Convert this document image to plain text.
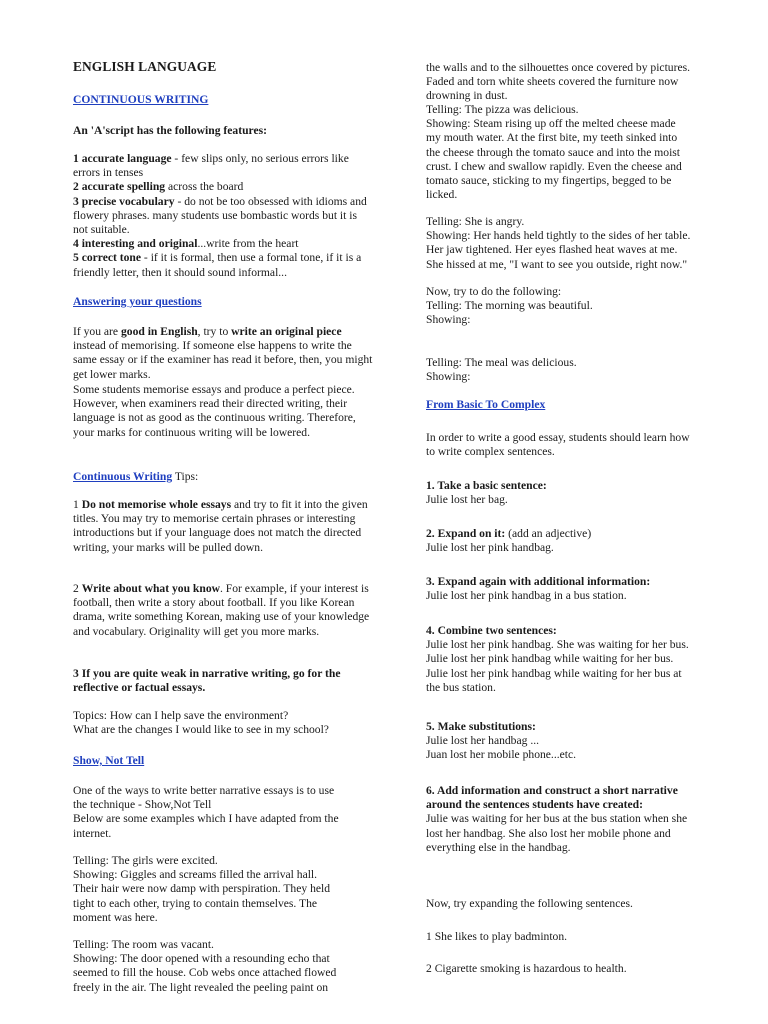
ENGLISH LANGUAGE
CONTINUOUS WRITING
An 'A'script has the following features:
1 accurate language - few slips only, no serious errors like errors in tenses
2 accurate spelling across the board
3 precise vocabulary - do not be too obsessed with idioms and flowery phrases. many students use bombastic words but it is not suitable.
4 interesting and original...write from the heart
5 correct tone - if it is formal, then use a formal tone, if it is a friendly letter, then it should sound informal...
Answering your questions
If you are good in English, try to write an original piece instead of memorising. If someone else happens to write the same essay or if the examiner has read it before, then, you might get lower marks.
Some students memorise essays and produce a perfect piece. However, when examiners read their directed writing, their language is not as good as the continuous writing. Therefore, your marks for continuous writing will be lowered.
Continuous Writing Tips:
1 Do not memorise whole essays and try to fit it into the given titles. You may try to memorise certain phrases or interesting introductions but if your language does not match the directed writing, your marks will be pulled down.
2 Write about what you know. For example, if your interest is football, then write a story about football. If you like Korean drama, write something Korean, making use of your knowledge and vocabulary. Originality will get you more marks.
3 If you are quite weak in narrative writing, go for the reflective or factual essays.
Topics: How can I help save the environment?
What are the changes I would like to see in my school?
Show, Not Tell
One of the ways to write better narrative essays is to use
the technique - Show,Not Tell
Below are some examples which I have adapted from the
internet.
Telling: The girls were excited.
Showing: Giggles and screams filled the arrival hall.
Their hair were now damp with perspiration. They held
tight to each other, trying to contain themselves. The
moment was here.
Telling: The room was vacant.
Showing: The door opened with a resounding echo that
seemed to fill the house. Cob webs once attached flowed
freely in the air. The light revealed the peeling paint on
the walls and to the silhouettes once covered by pictures.
Faded and torn white sheets covered the furniture now
drowning in dust.
Telling: The pizza was delicious.
Showing: Steam rising up off the melted cheese made
my mouth water. At the first bite, my teeth sinked into
the cheese through the tomato sauce and into the moist
crust. I chew and swallow rapidly. Even the cheese and
tomato sauce, sticking to my fingertips, begged to be
licked.
Telling: She is angry.
Showing: Her hands held tightly to the sides of her table.
Her jaw tightened. Her eyes flashed heat waves at me.
She hissed at me, "I want to see you outside, right now."
Now, try to do the following:
Telling: The morning was beautiful.
Showing:
Telling: The meal was delicious.
Showing:
From Basic To Complex
In order to write a good essay, students should learn how
to write complex sentences.
1. Take a basic sentence:
Julie lost her bag.
2. Expand on it: (add an adjective)
Julie lost her pink handbag.
3. Expand again with additional information:
Julie lost her pink handbag in a bus station.
4. Combine two sentences:
Julie lost her pink handbag. She was waiting for her bus.
Julie lost her pink handbag while waiting for her bus.
Julie lost her pink handbag while waiting for her bus at
the bus station.
5. Make substitutions:
Julie lost her handbag ...
Juan lost her mobile phone...etc.
6. Add information and construct a short narrative
around the sentences students have created:
Julie was waiting for her bus at the bus station when she
lost her handbag. She also lost her mobile phone and
everything else in the handbag.
Now, try expanding the following sentences.
1 She likes to play badminton.
2 Cigarette smoking is hazardous to health.
